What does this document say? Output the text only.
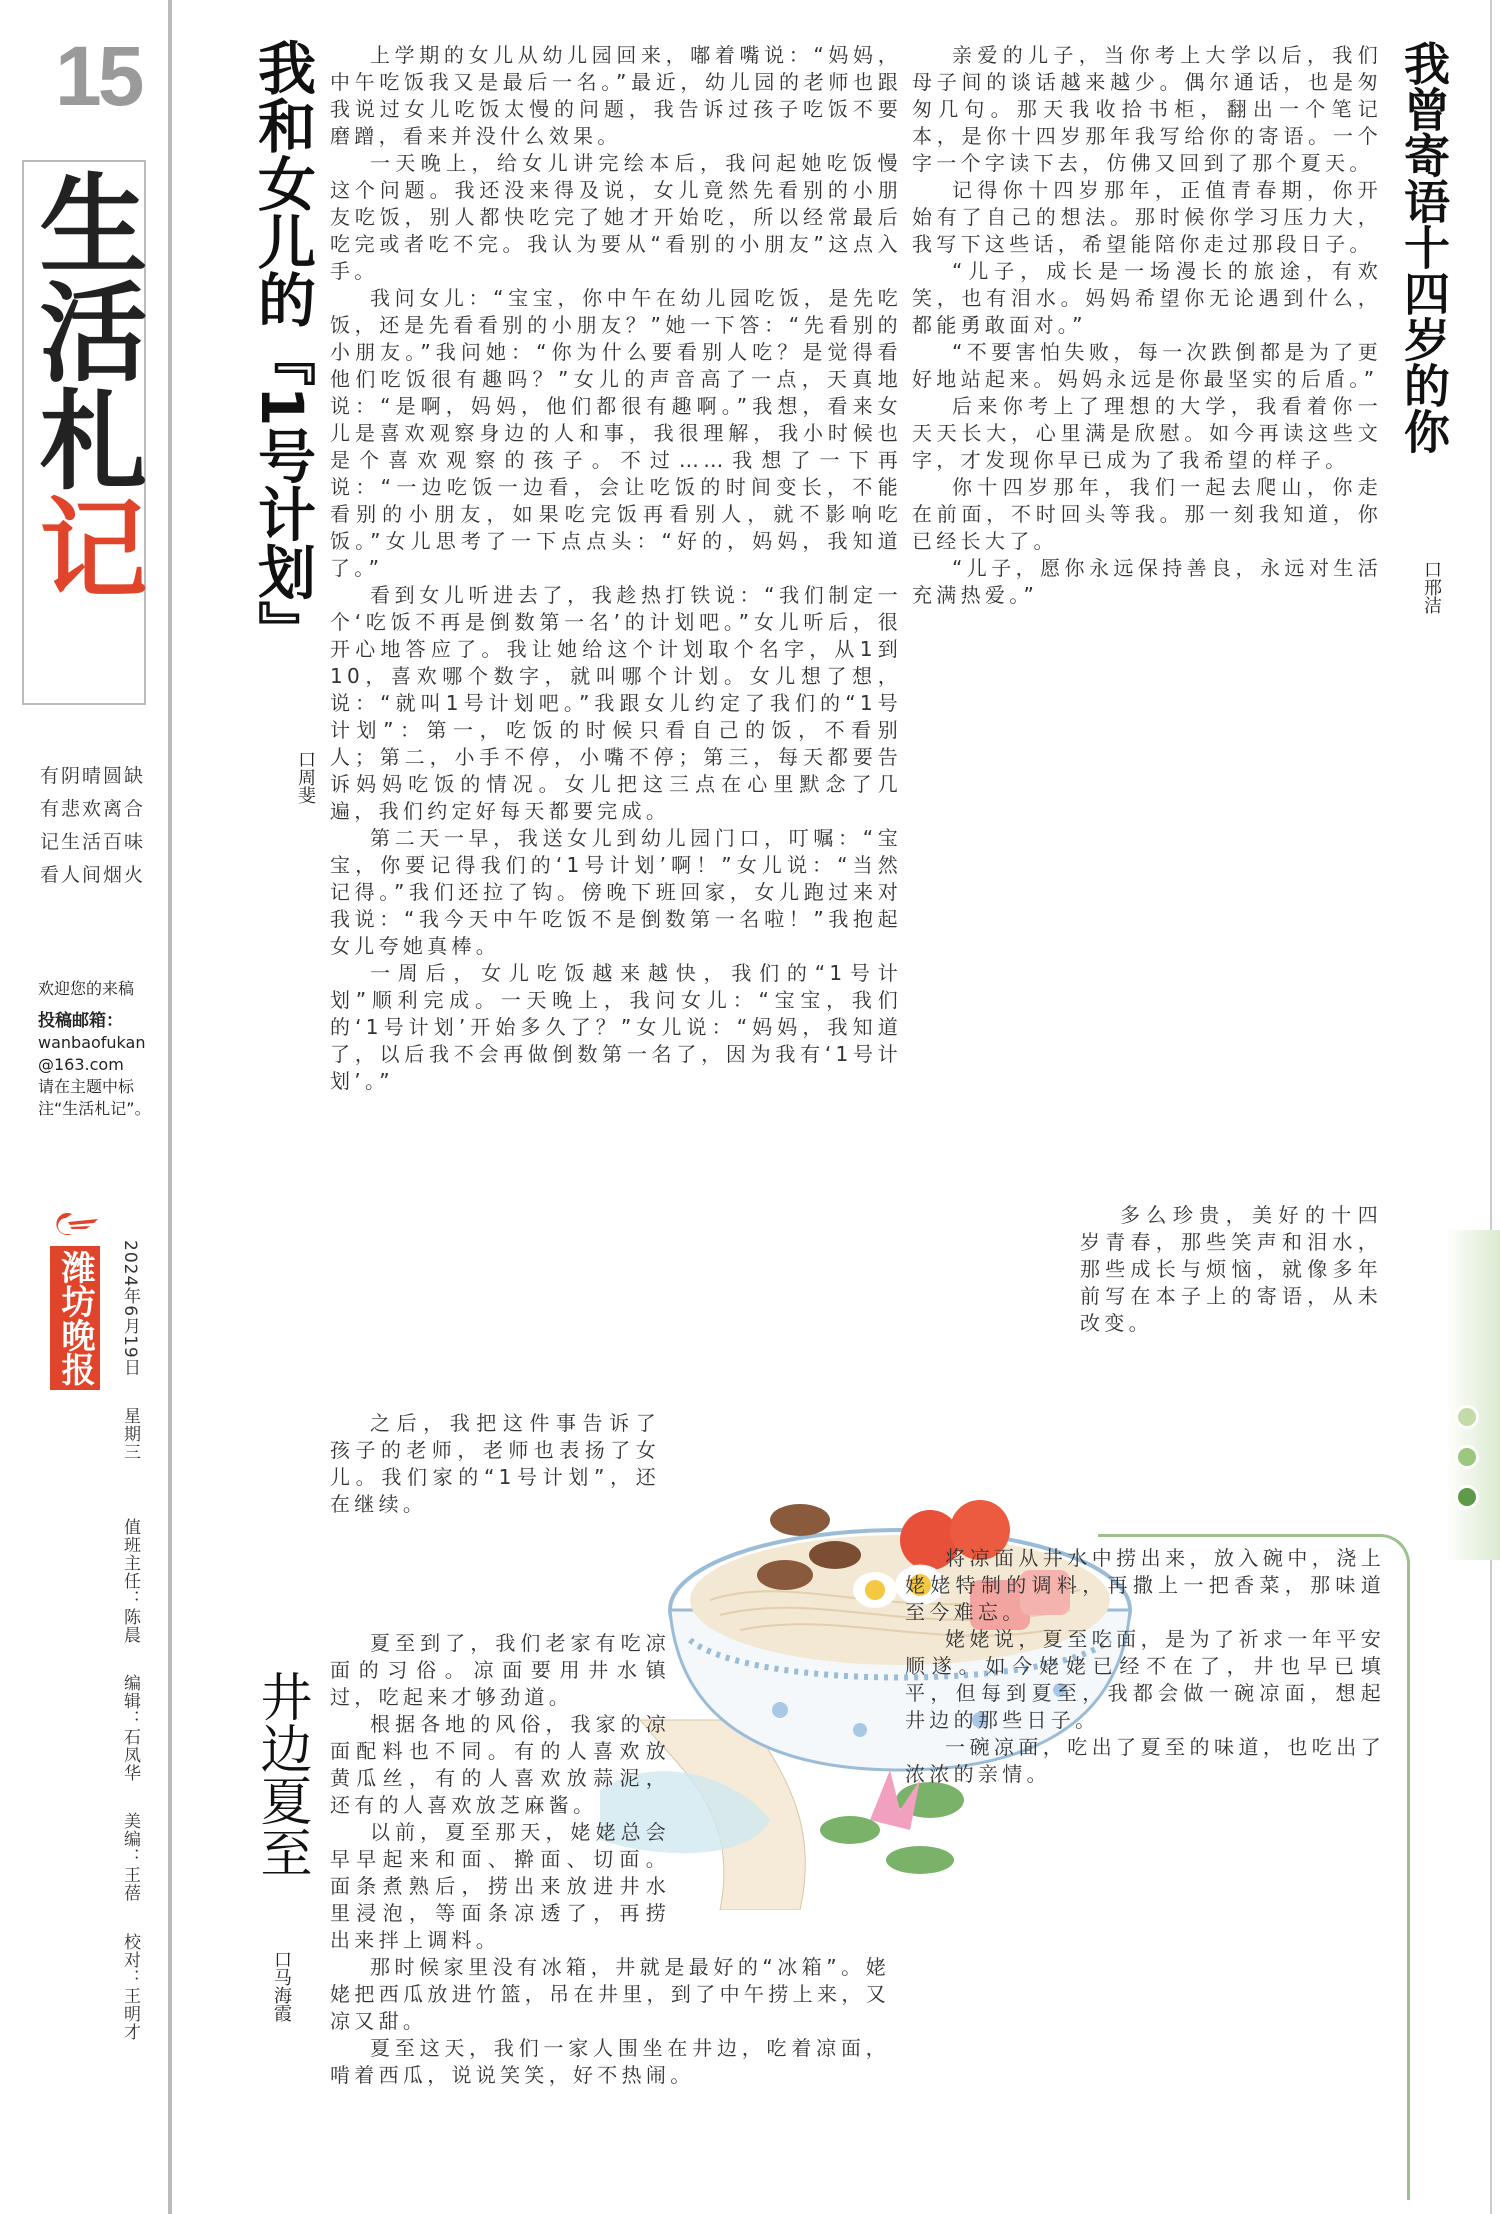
15
生活札记
有阴晴圆缺
有悲欢离合
记生活百味
看人间烟火
欢迎您的来稿
投稿邮箱：
wanbaofukan
@163.com
请在主题中标注“生活札记”。
潍坊晚报 2024年6月19日 星期三 值班主任：陈晨 编辑：石凤华 美编：王蓓 校对：王明才
我和女儿的『1号计划』
口周斐

上学期的女儿从幼儿园回来，嘟着嘴说：“妈妈，中午吃饭我又是最后一名。”最近，幼儿园的老师也跟我说过女儿吃饭太慢的问题，我告诉过孩子吃饭不要磨蹭，看来并没什么效果。

一天晚上，给女儿讲完绘本后，我问起她吃饭慢这个问题。我还没来得及说，女儿竟然先看别的小朋友吃饭，别人都快吃完了她才开始吃，所以经常最后吃完或者吃不完。我认为要从“看别的小朋友”这点入手。

我问女儿：“宝宝，你中午在幼儿园吃饭，是先吃饭，还是先看看别的小朋友？”她一下答：“先看别的小朋友。”我问她：“你为什么要看别人吃？是觉得看他们吃饭很有趣吗？”女儿的声音高了一点，天真地说：“是啊，妈妈，他们都很有趣啊。”我想，看来女儿是喜欢观察身边的人和事，我很理解，我小时候也是个喜欢观察的孩子。不过……我想了一下再说：“一边吃饭一边看，会让吃饭的时间变长，不能看别的小朋友，如果吃完饭再看别人，就不影响吃饭。”女儿思考了一下点点头：“好的，妈妈，我知道了。”

看到女儿听进去了，我趁热打铁说：“我们制定一个‘吃饭不再是倒数第一名’的计划吧。”女儿听后，很开心地答应了。我让她给这个计划取个名字，从1到10，喜欢哪个数字，就叫哪个计划。女儿想了想，说：“就叫1号计划吧。”我跟女儿约定了我们的“1号计划”：第一，吃饭的时候只看自己的饭，不看别人；第二，小手不停，小嘴不停；第三，每天都要告诉妈妈吃饭的情况。女儿把这三点在心里默念了几遍，我们约定好每天都要完成。

第二天一早，我送女儿到幼儿园门口，叮嘱：“宝宝，你要记得我们的‘1号计划’啊！”女儿说：“当然记得。”我们还拉了钩。傍晚下班回家，女儿跑过来对我说：“我今天中午吃饭不是倒数第一名啦！”我抱起女儿夸她真棒。

一周后，女儿吃饭越来越快，我们的“1号计划”顺利完成。一天晚上，我问女儿：“宝宝，我们的‘1号计划’开始多久了？”女儿说：“妈妈，我知道了，以后我不会再做倒数第一名了，因为我有‘1号计划’。”

之后，我把这件事告诉了孩子的老师，老师也表扬了女儿。我们家的“1号计划”，还在继续。

我曾寄语十四岁的你
口邢洁

亲爱的儿子，当你考上大学以后，我们母子间的谈话越来越少。偶尔通话，也是匆匆几句。那天我收拾书柜，翻出一个笔记本，是你十四岁那年我写给你的寄语。一个字一个字读下去，仿佛又回到了那个夏天。

记得你十四岁那年，正值青春期，你开始有了自己的想法。那时候你学习压力大，我写下这些话，希望能陪你走过那段日子。

“儿子，成长是一场漫长的旅途，有欢笑，也有泪水。妈妈希望你无论遇到什么，都能勇敢面对。”

“不要害怕失败，每一次跌倒都是为了更好地站起来。妈妈永远是你最坚实的后盾。”

后来你考上了理想的大学，我看着你一天天长大，心里满是欣慰。如今再读这些文字，才发现你早已成为了我希望的样子。

你十四岁那年，我们一起去爬山，你走在前面，不时回头等我。那一刻我知道，你已经长大了。

“儿子，愿你永远保持善良，永远对生活充满热爱。”

多么珍贵，美好的十四岁青春，那些笑声和泪水，那些成长与烦恼，就像多年前写在本子上的寄语，从未改变。

井边夏至
口马海霞

夏至到了，我们老家有吃凉面的习俗。凉面要用井水镇过，吃起来才够劲道。

根据各地的风俗，我家的凉面配料也不同。有的人喜欢放黄瓜丝，有的人喜欢放蒜泥，还有的人喜欢放芝麻酱。

以前，夏至那天，姥姥总会早早起来和面、擀面、切面。面条煮熟后，捞出来放进井水里浸泡，等面条凉透了，再捞出来拌上调料。

那时候家里没有冰箱，井就是最好的“冰箱”。姥姥把西瓜放进竹篮，吊在井里，到了中午捞上来，又凉又甜。

夏至这天，我们一家人围坐在井边，吃着凉面，啃着西瓜，说说笑笑，好不热闹。

将凉面从井水中捞出来，放入碗中，浇上姥姥特制的调料，再撒上一把香菜，那味道至今难忘。

姥姥说，夏至吃面，是为了祈求一年平安顺遂。如今姥姥已经不在了，井也早已填平，但每到夏至，我都会做一碗凉面，想起井边的那些日子。

一碗凉面，吃出了夏至的味道，也吃出了浓浓的亲情。
